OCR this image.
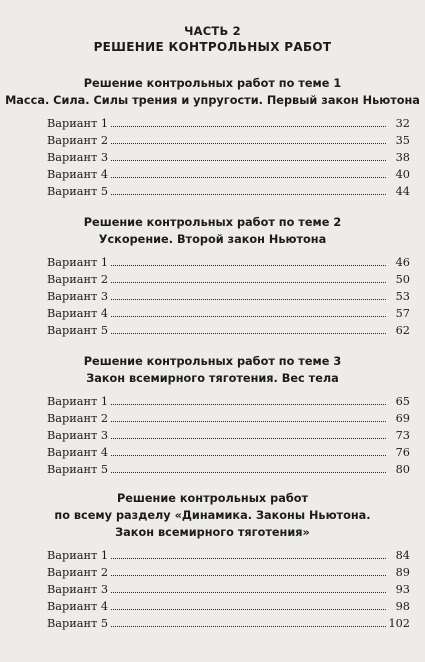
ЧАСТЬ 2
РЕШЕНИЕ КОНТРОЛЬНЫХ РАБОТ
Решение контрольных работ по теме 1
Масса. Сила. Силы трения и упругости. Первый закон Ньютона
Вариант 1	32
Вариант 2	35
Вариант 3	38
Вариант 4	40
Вариант 5	44
Решение контрольных работ по теме 2
Ускорение. Второй закон Ньютона
Вариант 1	46
Вариант 2	50
Вариант 3	53
Вариант 4	57
Вариант 5	62
Решение контрольных работ по теме 3
Закон всемирного тяготения. Вес тела
Вариант 1	65
Вариант 2	69
Вариант 3	73
Вариант 4	76
Вариант 5	80
Решение контрольных работ
по всему разделу «Динамика. Законы Ньютона.
Закон всемирного тяготения»
Вариант 1	84
Вариант 2	89
Вариант 3	93
Вариант 4	98
Вариант 5	102
